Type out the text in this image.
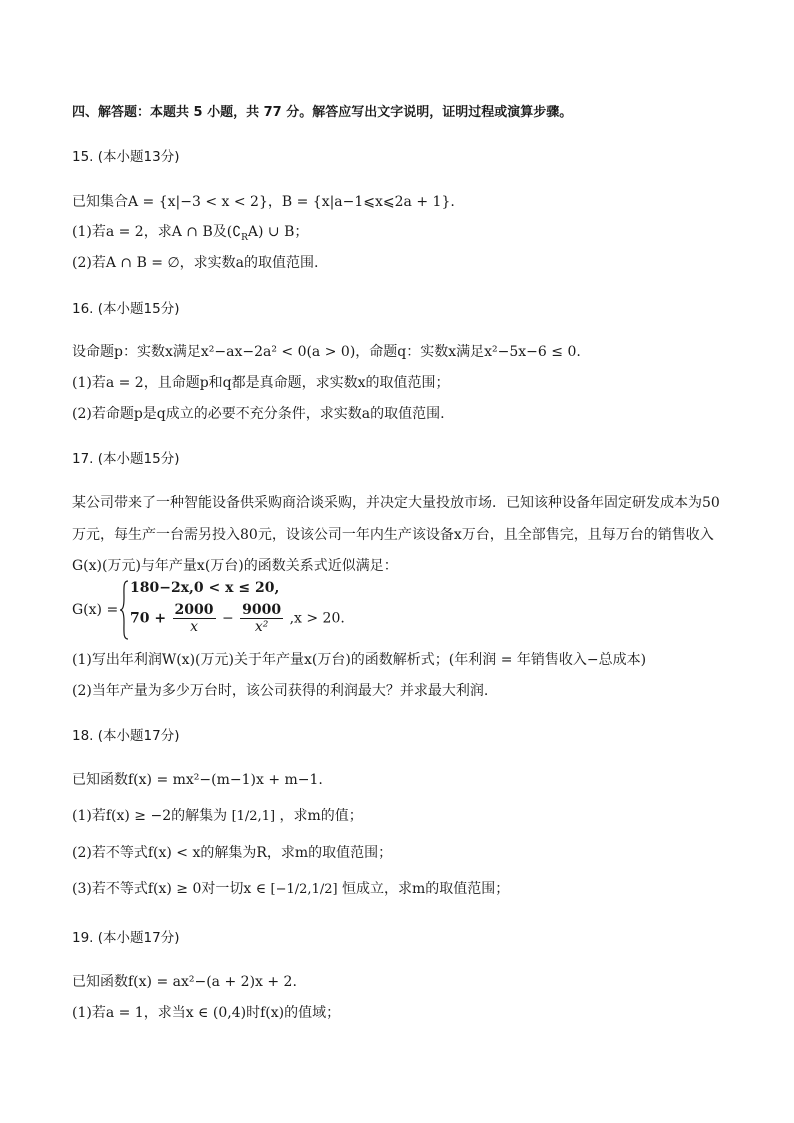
四、解答题：本题共 5 小题，共 77 分。解答应写出文字说明，证明过程或演算步骤。
15. (本小题13分)
已知集合A = {x|−3 < x < 2}，B = {x|a−1⩽x⩽2a + 1}.
(1)若a = 2，求A ∩ B及$(∁_RA)$ ∪ B；
(2)若A ∩ B = ∅，求实数a的取值范围.
16. (本小题15分)
设命题p：实数x满足x²−ax−2a² < 0(a > 0)，命题q：实数x满足x²−5x−6 ≤ 0.
(1)若a = 2，且命题p和q都是真命题，求实数x的取值范围；
(2)若命题p是q成立的必要不充分条件，求实数a的取值范围.
17. (本小题15分)
某公司带来了一种智能设备供采购商洽谈采购，并决定大量投放市场．已知该种设备年固定研发成本为50
万元，每生产一台需另投入80元，设该公司一年内生产该设备x万台，且全部售完，且每万台的销售收入
G(x)(万元)与年产量x(万台)的函数关系式近似满足：
G(x) =
180−2x,0 < x ≤ 20,
$70 + \frac{2000}{x} - \frac{9000}{\text{x²}} ,x > 20$.
(1)写出年利润W(x)(万元)关于年产量x(万台)的函数解析式；(年利润 = 年销售收入−总成本)
(2)当年产量为多少万台时，该公司获得的利润最大？并求最大利润.
18. (本小题17分)
已知函数f(x) = mx²−(m−1)x + m−1.
(1)若f(x) ≥ −2的解集为 [1/2,1] ，求m的值；
(2)若不等式f(x) < x的解集为R，求m的取值范围；
(3)若不等式f(x) ≥ 0对一切x ∈ [−1/2,1/2] 恒成立，求m的取值范围；
19. (本小题17分)
已知函数f(x) = ax²−(a + 2)x + 2.
(1)若a = 1，求当x ∈ (0,4)时f(x)的值域；
